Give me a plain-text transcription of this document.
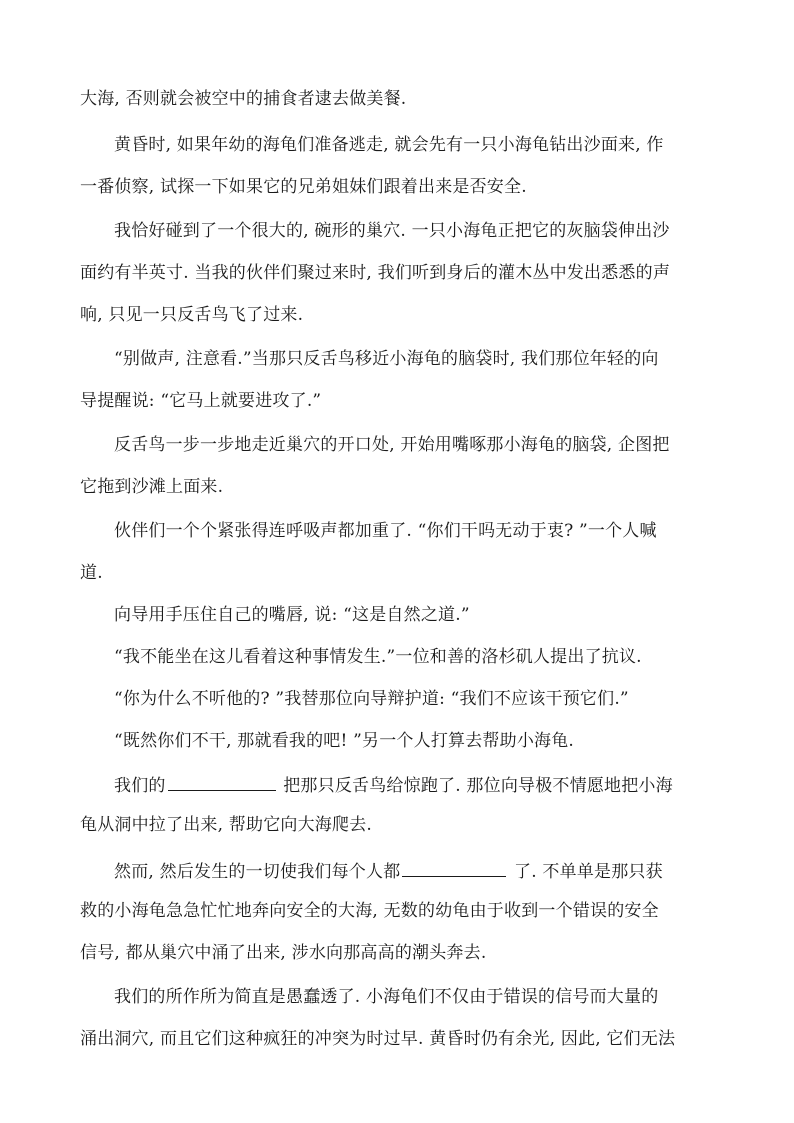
大海, 否则就会被空中的捕食者逮去做美餐.
黄昏时, 如果年幼的海龟们准备逃走, 就会先有一只小海龟钻出沙面来, 作
一番侦察, 试探一下如果它的兄弟姐妹们跟着出来是否安全.
我恰好碰到了一个很大的, 碗形的巢穴. 一只小海龟正把它的灰脑袋伸出沙
面约有半英寸. 当我的伙伴们聚过来时, 我们听到身后的灌木丛中发出悉悉的声
响, 只见一只反舌鸟飞了过来.
“别做声, 注意看.”当那只反舌鸟移近小海龟的脑袋时, 我们那位年轻的向
导提醒说: “它马上就要进攻了.”
反舌鸟一步一步地走近巢穴的开口处, 开始用嘴啄那小海龟的脑袋, 企图把
它拖到沙滩上面来.
伙伴们一个个紧张得连呼吸声都加重了. “你们干吗无动于衷? ”一个人喊
道.
向导用手压住自己的嘴唇, 说: “这是自然之道.”
“我不能坐在这儿看着这种事情发生.”一位和善的洛杉矶人提出了抗议.
“你为什么不听他的? ”我替那位向导辩护道: “我们不应该干预它们.”
“既然你们不干, 那就看我的吧! ”另一个人打算去帮助小海龟.
我们的	把那只反舌鸟给惊跑了. 那位向导极不情愿地把小海
龟从洞中拉了出来, 帮助它向大海爬去.
然而, 然后发生的一切使我们每个人都	了. 不单单是那只获
救的小海龟急急忙忙地奔向安全的大海, 无数的幼龟由于收到一个错误的安全
信号, 都从巢穴中涌了出来, 涉水向那高高的潮头奔去.
我们的所作所为简直是愚蠢透了. 小海龟们不仅由于错误的信号而大量的
涌出洞穴, 而且它们这种疯狂的冲突为时过早. 黄昏时仍有余光, 因此, 它们无法
